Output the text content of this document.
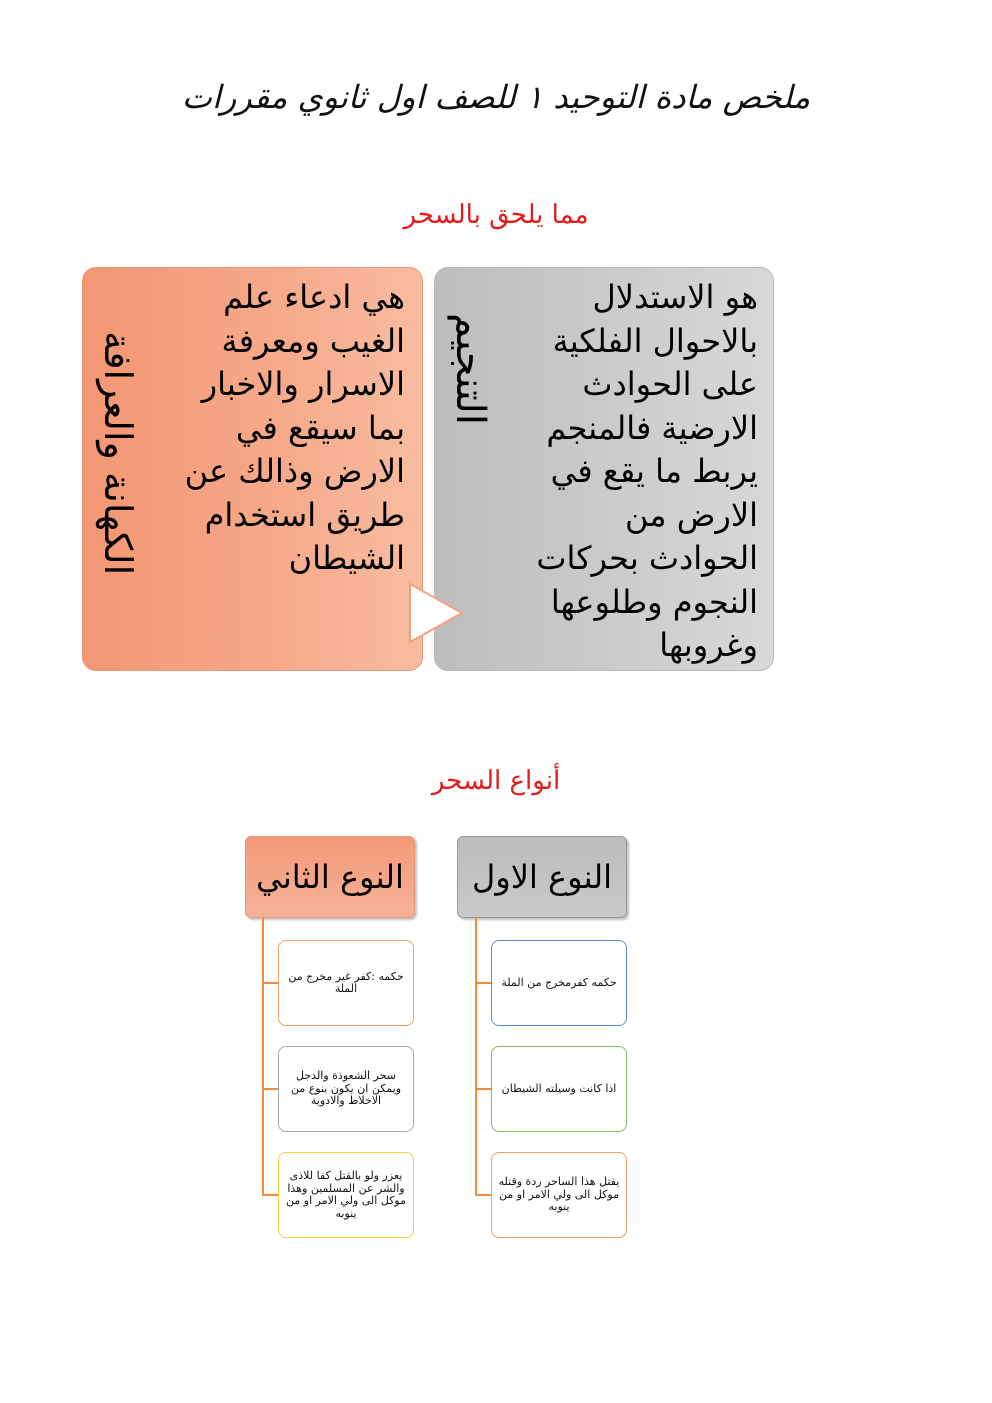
ملخص مادة التوحيد ١ للصف اول ثانوي مقررات
مما يلحق بالسحر
التنجيم
هو الاستدلال
بالاحوال الفلكية
على الحوادث
الارضية فالمنجم
يربط ما يقع في
الارض من
الحوادث بحركات
النجوم وطلوعها
وغروبها
الكهانة والعرافة
هي ادعاء علم
الغيب ومعرفة
الاسرار والاخبار
بما سيقع في
الارض وذالك عن
طريق استخدام
الشيطان
أنواع السحر
النوع الاول
النوع الثاني
حكمه كفرمخرج من الملة
اذا كانت وسيلته الشيطان
يقتل هذا الساحر ردة وقتله موكل الى ولي الامر او من ينوبه
حكمه :كفر غير مخرج من الملة
سحر الشعوذة والدجل ويمكن ان يكون بنوع من الاخلاط والادوية
يعزر ولو بالقتل كفا للاذى والشر عن المسلمين وهذا موكل الى ولي الامر او من ينوبه
